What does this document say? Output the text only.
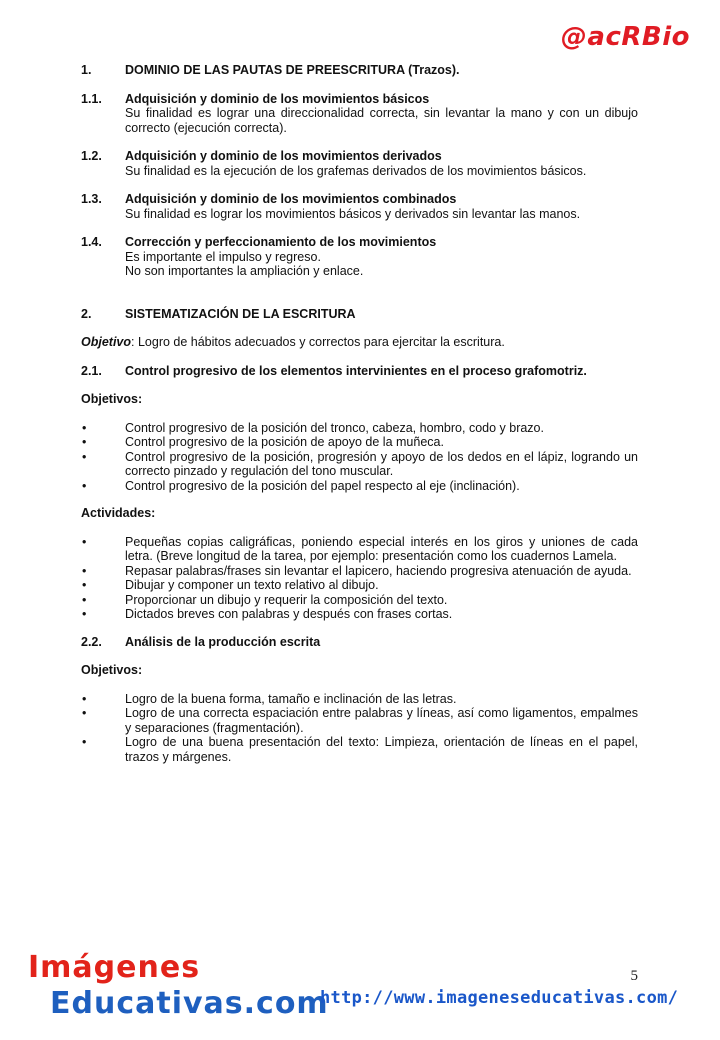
@acRBio
1.	DOMINIO DE LAS PAUTAS DE PREESCRITURA (Trazos).
1.1.	Adquisición y dominio de los movimientos básicos
Su finalidad es lograr una direccionalidad correcta, sin levantar la mano y con un dibujo correcto (ejecución correcta).
1.2.	Adquisición y dominio de los movimientos derivados
Su finalidad es la ejecución de los grafemas derivados de los movimientos básicos.
1.3.	Adquisición y dominio de los movimientos combinados
Su finalidad es lograr los movimientos básicos y derivados sin levantar las manos.
1.4.	Corrección y perfeccionamiento de los movimientos
Es importante el impulso y regreso.
No son importantes la ampliación y enlace.
2.	SISTEMATIZACIÓN DE LA ESCRITURA
Objetivo: Logro de hábitos adecuados y correctos para ejercitar la escritura.
2.1.	Control progresivo de los elementos intervinientes en el proceso grafomotriz.
Objetivos:
•	Control progresivo de la posición del tronco, cabeza, hombro, codo y brazo.
•	Control progresivo de la posición de apoyo de la muñeca.
•	Control progresivo de la posición, progresión y apoyo de los dedos en el lápiz, logrando un correcto pinzado y regulación del tono muscular.
•	Control progresivo de la posición del papel respecto al eje (inclinación).
Actividades:
•	Pequeñas copias caligráficas, poniendo especial interés en los giros y uniones de cada letra. (Breve longitud de la tarea, por ejemplo: presentación como los cuadernos Lamela.
•	Repasar palabras/frases sin levantar el lapicero, haciendo progresiva atenuación de ayuda.
•	Dibujar y componer un texto relativo al dibujo.
•	Proporcionar un dibujo y requerir la composición del texto.
•	Dictados breves con palabras y después con frases cortas.
2.2.	Análisis de la producción escrita
Objetivos:
•	Logro de la buena forma, tamaño e inclinación de las letras.
•	Logro de una correcta espaciación entre palabras y líneas, así como ligamentos, empalmes y separaciones (fragmentación).
•	Logro de una buena presentación del texto: Limpieza, orientación de líneas en el papel, trazos y márgenes.
Imágenes
Educativas.com
5
http://www.imageneseducativas.com/
